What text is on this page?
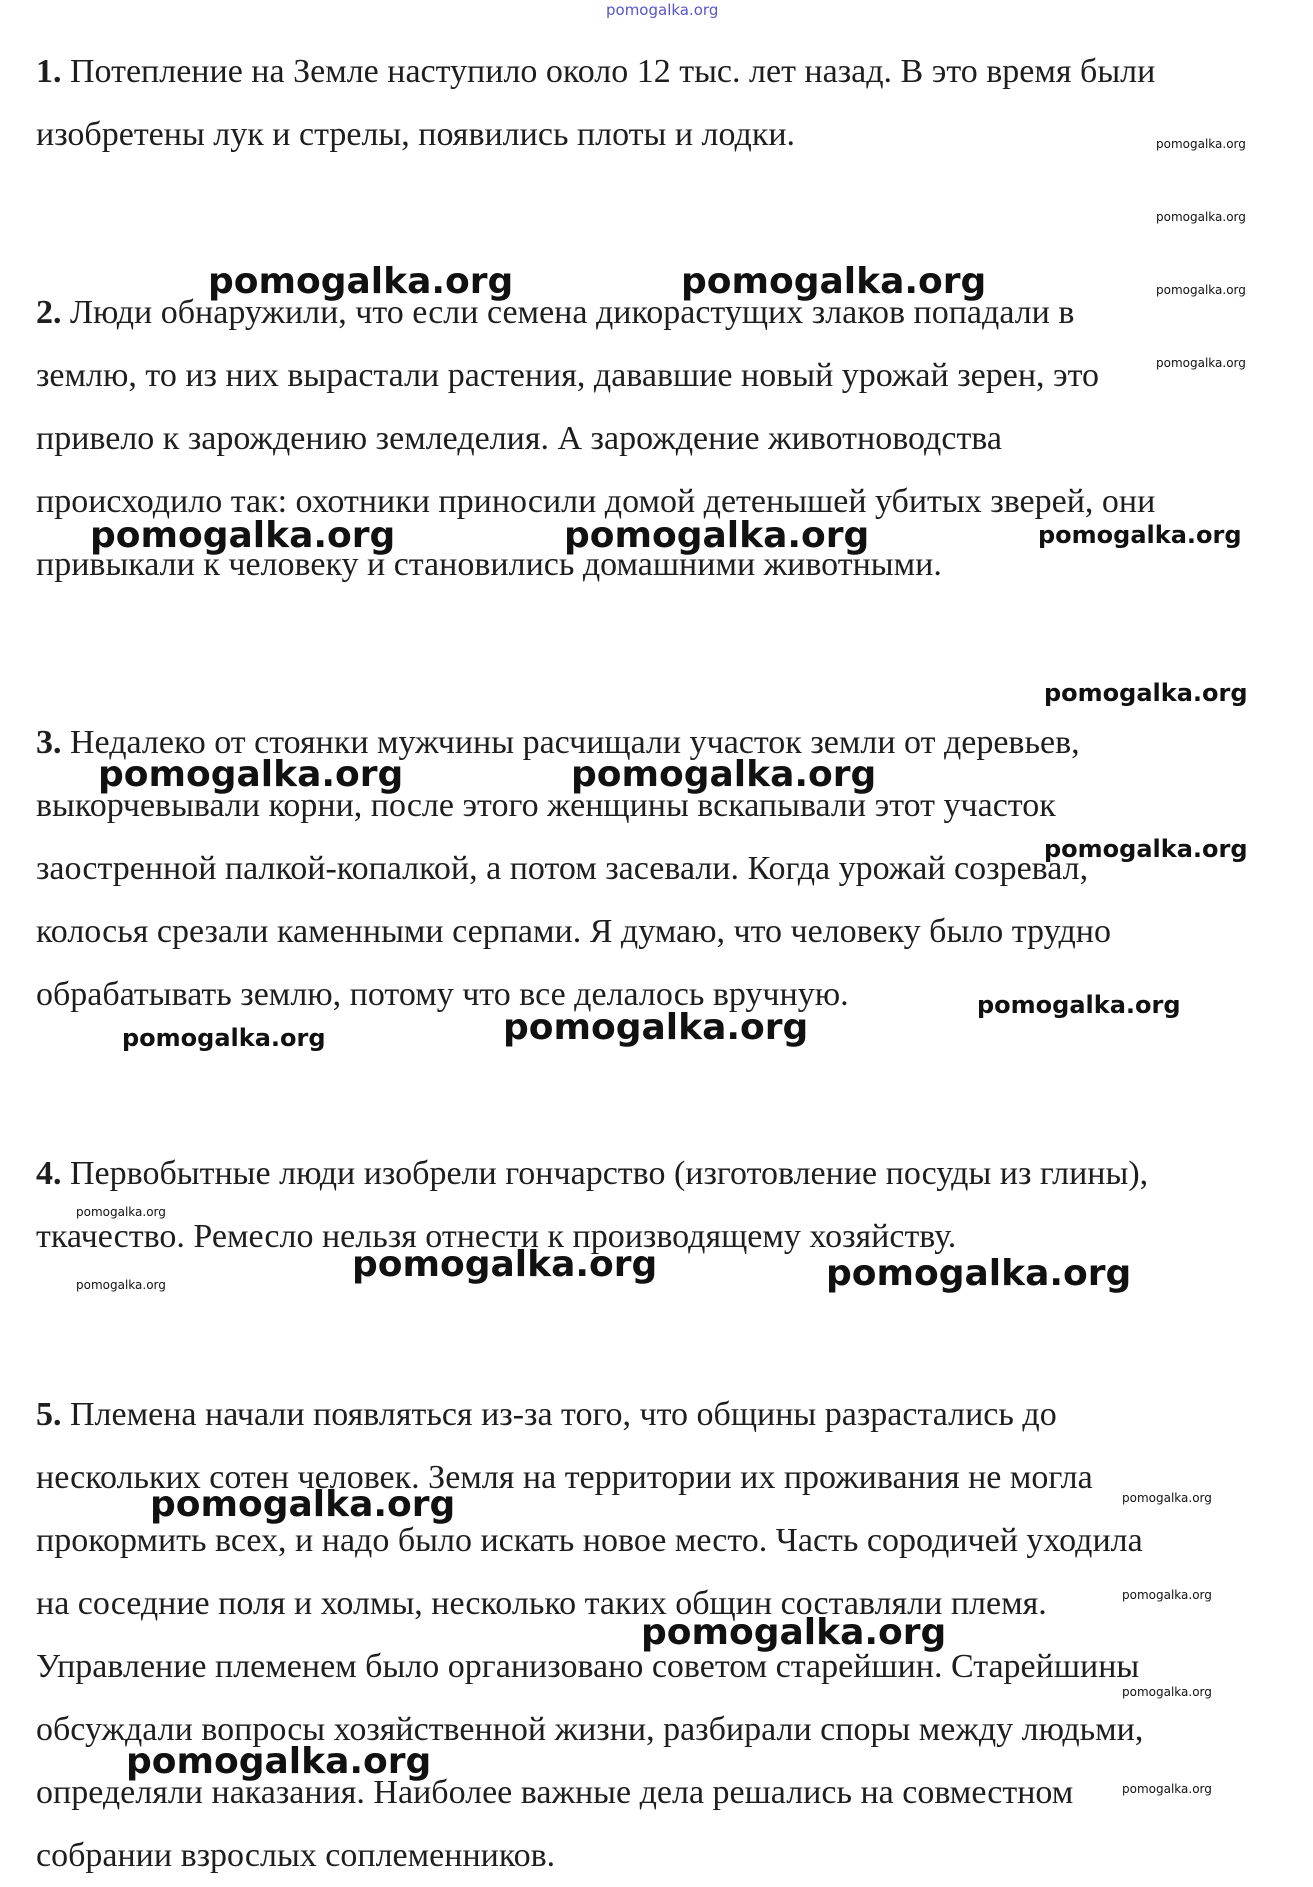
pomogalka.org
1. Потепление на Земле наступило около 12 тыс. лет назад. В это время были
изобретены лук и стрелы, появились плоты и лодки.
2. Люди обнаружили, что если семена дикорастущих злаков попадали в
землю, то из них вырастали растения, дававшие новый урожай зерен, это
привело к зарождению земледелия. А зарождение животноводства
происходило так: охотники приносили домой детенышей убитых зверей, они
привыкали к человеку и становились домашними животными.
3. Недалеко от стоянки мужчины расчищали участок земли от деревьев,
выкорчевывали корни, после этого женщины вскапывали этот участок
заостренной палкой-копалкой, а потом засевали. Когда урожай созревал,
колосья срезали каменными серпами. Я думаю, что человеку было трудно
обрабатывать землю, потому что все делалось вручную.
4. Первобытные люди изобрели гончарство (изготовление посуды из глины),
ткачество. Ремесло нельзя отнести к производящему хозяйству.
5. Племена начали появляться из-за того, что общины разрастались до
нескольких сотен человек. Земля на территории их проживания не могла
прокормить всех, и надо было искать новое место. Часть сородичей уходила
на соседние поля и холмы, несколько таких общин составляли племя.
Управление племенем было организовано советом старейшин. Старейшины
обсуждали вопросы хозяйственной жизни, разбирали споры между людьми,
определяли наказания. Наиболее важные дела решались на совместном
собрании взрослых соплеменников.
pomogalka.org	pomogalka.org
pomogalka.org
pomogalka.org
pomogalka.org
pomogalka.org
pomogalka.org	pomogalka.org	pomogalka.org
pomogalka.org
pomogalka.org	pomogalka.org
pomogalka.org
pomogalka.org
pomogalka.org	pomogalka.org
pomogalka.org
pomogalka.org	pomogalka.org	pomogalka.org
pomogalka.org	pomogalka.org
pomogalka.org
pomogalka.org
pomogalka.org
pomogalka.org
pomogalka.org
